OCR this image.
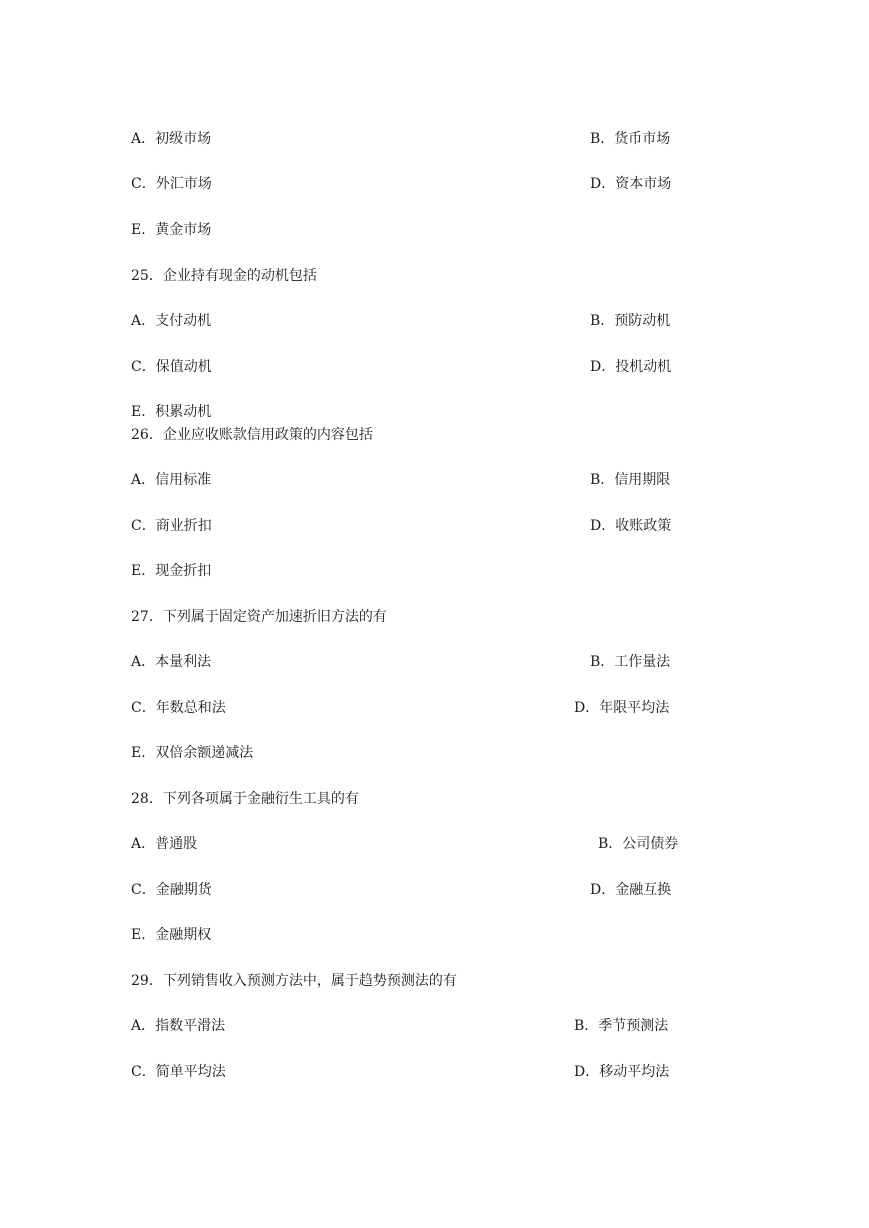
A．初级市场	B．货币市场
C．外汇市场	D．资本市场
E．黄金市场
25．企业持有现金的动机包括
A．支付动机	B．预防动机
C．保值动机	D．投机动机
E．积累动机
26．企业应收账款信用政策的内容包括
A．信用标准	B．信用期限
C．商业折扣	D．收账政策
E．现金折扣
27．下列属于固定资产加速折旧方法的有
A．本量利法	B．工作量法
C．年数总和法	D．年限平均法
E．双倍余额递减法
28．下列各项属于金融衍生工具的有
A．普通股	B．公司债券
C．金融期货	D．金融互换
E．金融期权
29．下列销售收入预测方法中，属于趋势预测法的有
A．指数平滑法	B．季节预测法
C．简单平均法	D．移动平均法
